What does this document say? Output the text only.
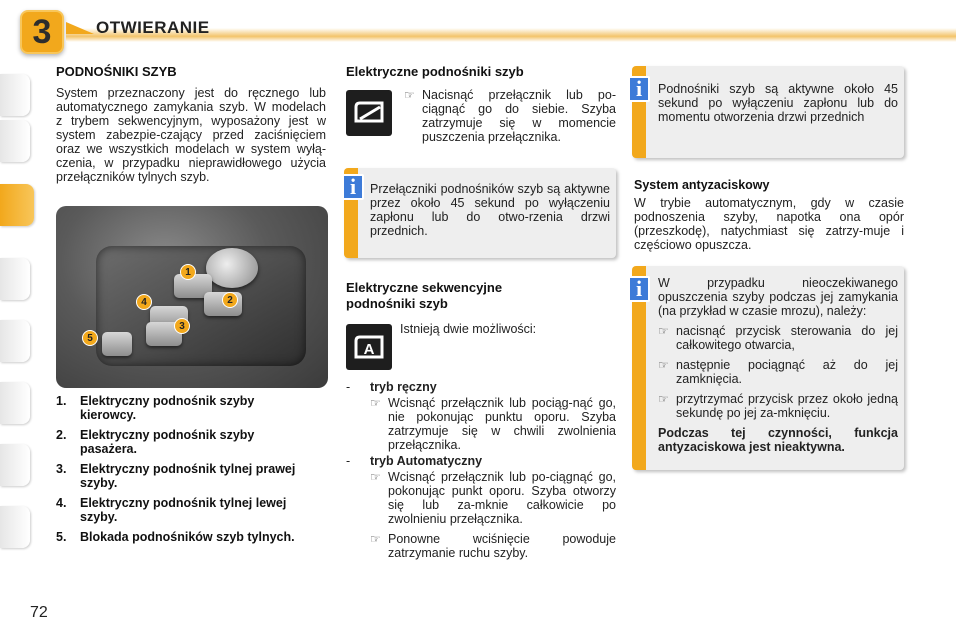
3	OTWIERANIE
72
PODNOŚNIKI SZYB
System przeznaczony jest do ręcznego lub automatycznego zamykania szyb. W modelach z trybem sekwencyjnym, wyposażony jest w system zabezpie-czający przed zaciśnięciem oraz we wszystkich modelach w system wyłą-czenia, w przypadku nieprawidłowego użycia przełączników tylnych szyb.
1
2
3
4
5
1.	Elektryczny podnośnik szyby kierowcy.
2.	Elektryczny podnośnik szyby pasażera.
3.	Elektryczny podnośnik tylnej prawej szyby.
4.	Elektryczny podnośnik tylnej lewej szyby.
5.	Blokada podnośników szyb tylnych.
Elektryczne podnośniki szyb
☞ Nacisnąć przełącznik lub po-ciągnąć go do siebie. Szyba zatrzymuje się w momencie puszczenia przełącznika.
Przełączniki podnośników szyb są aktywne przez około 45 sekund po wyłączeniu zapłonu lub do otwo-rzenia drzwi przednich.
i
Elektryczne sekwencyjne
podnośniki szyb
A
Istnieją dwie możliwości:
-	tryb ręczny
☞ Wcisnąć przełącznik lub pociąg-nąć go, nie pokonując punktu oporu. Szyba zatrzymuje się w chwili zwolnienia przełącznika.
-	tryb Automatyczny
☞ Wcisnąć przełącznik lub po-ciągnąć go, pokonując punkt oporu. Szyba otworzy się lub za-mknie całkowicie po zwolnieniu przełącznika.
☞ Ponowne wciśnięcie powoduje zatrzymanie ruchu szyby.
Podnośniki szyb są aktywne około 45 sekund po wyłączeniu zapłonu lub do momentu otworzenia drzwi przednich
i
System antyzaciskowy
W trybie automatycznym, gdy w czasie podnoszenia szyby, napotka ona opór (przeszkodę), natychmiast się zatrzy-muje i częściowo opuszcza.
W przypadku nieoczekiwanego opuszczenia szyby podczas jej zamykania (na przykład w czasie mrozu), należy:
☞ nacisnąć przycisk sterowania do jej całkowitego otwarcia,
☞ następnie pociągnąć aż do jej zamknięcia.
☞ przytrzymać przycisk przez około jedną sekundę po jej za-mknięciu.
Podczas tej czynności, funkcja antyzaciskowa jest nieaktywna.
i
